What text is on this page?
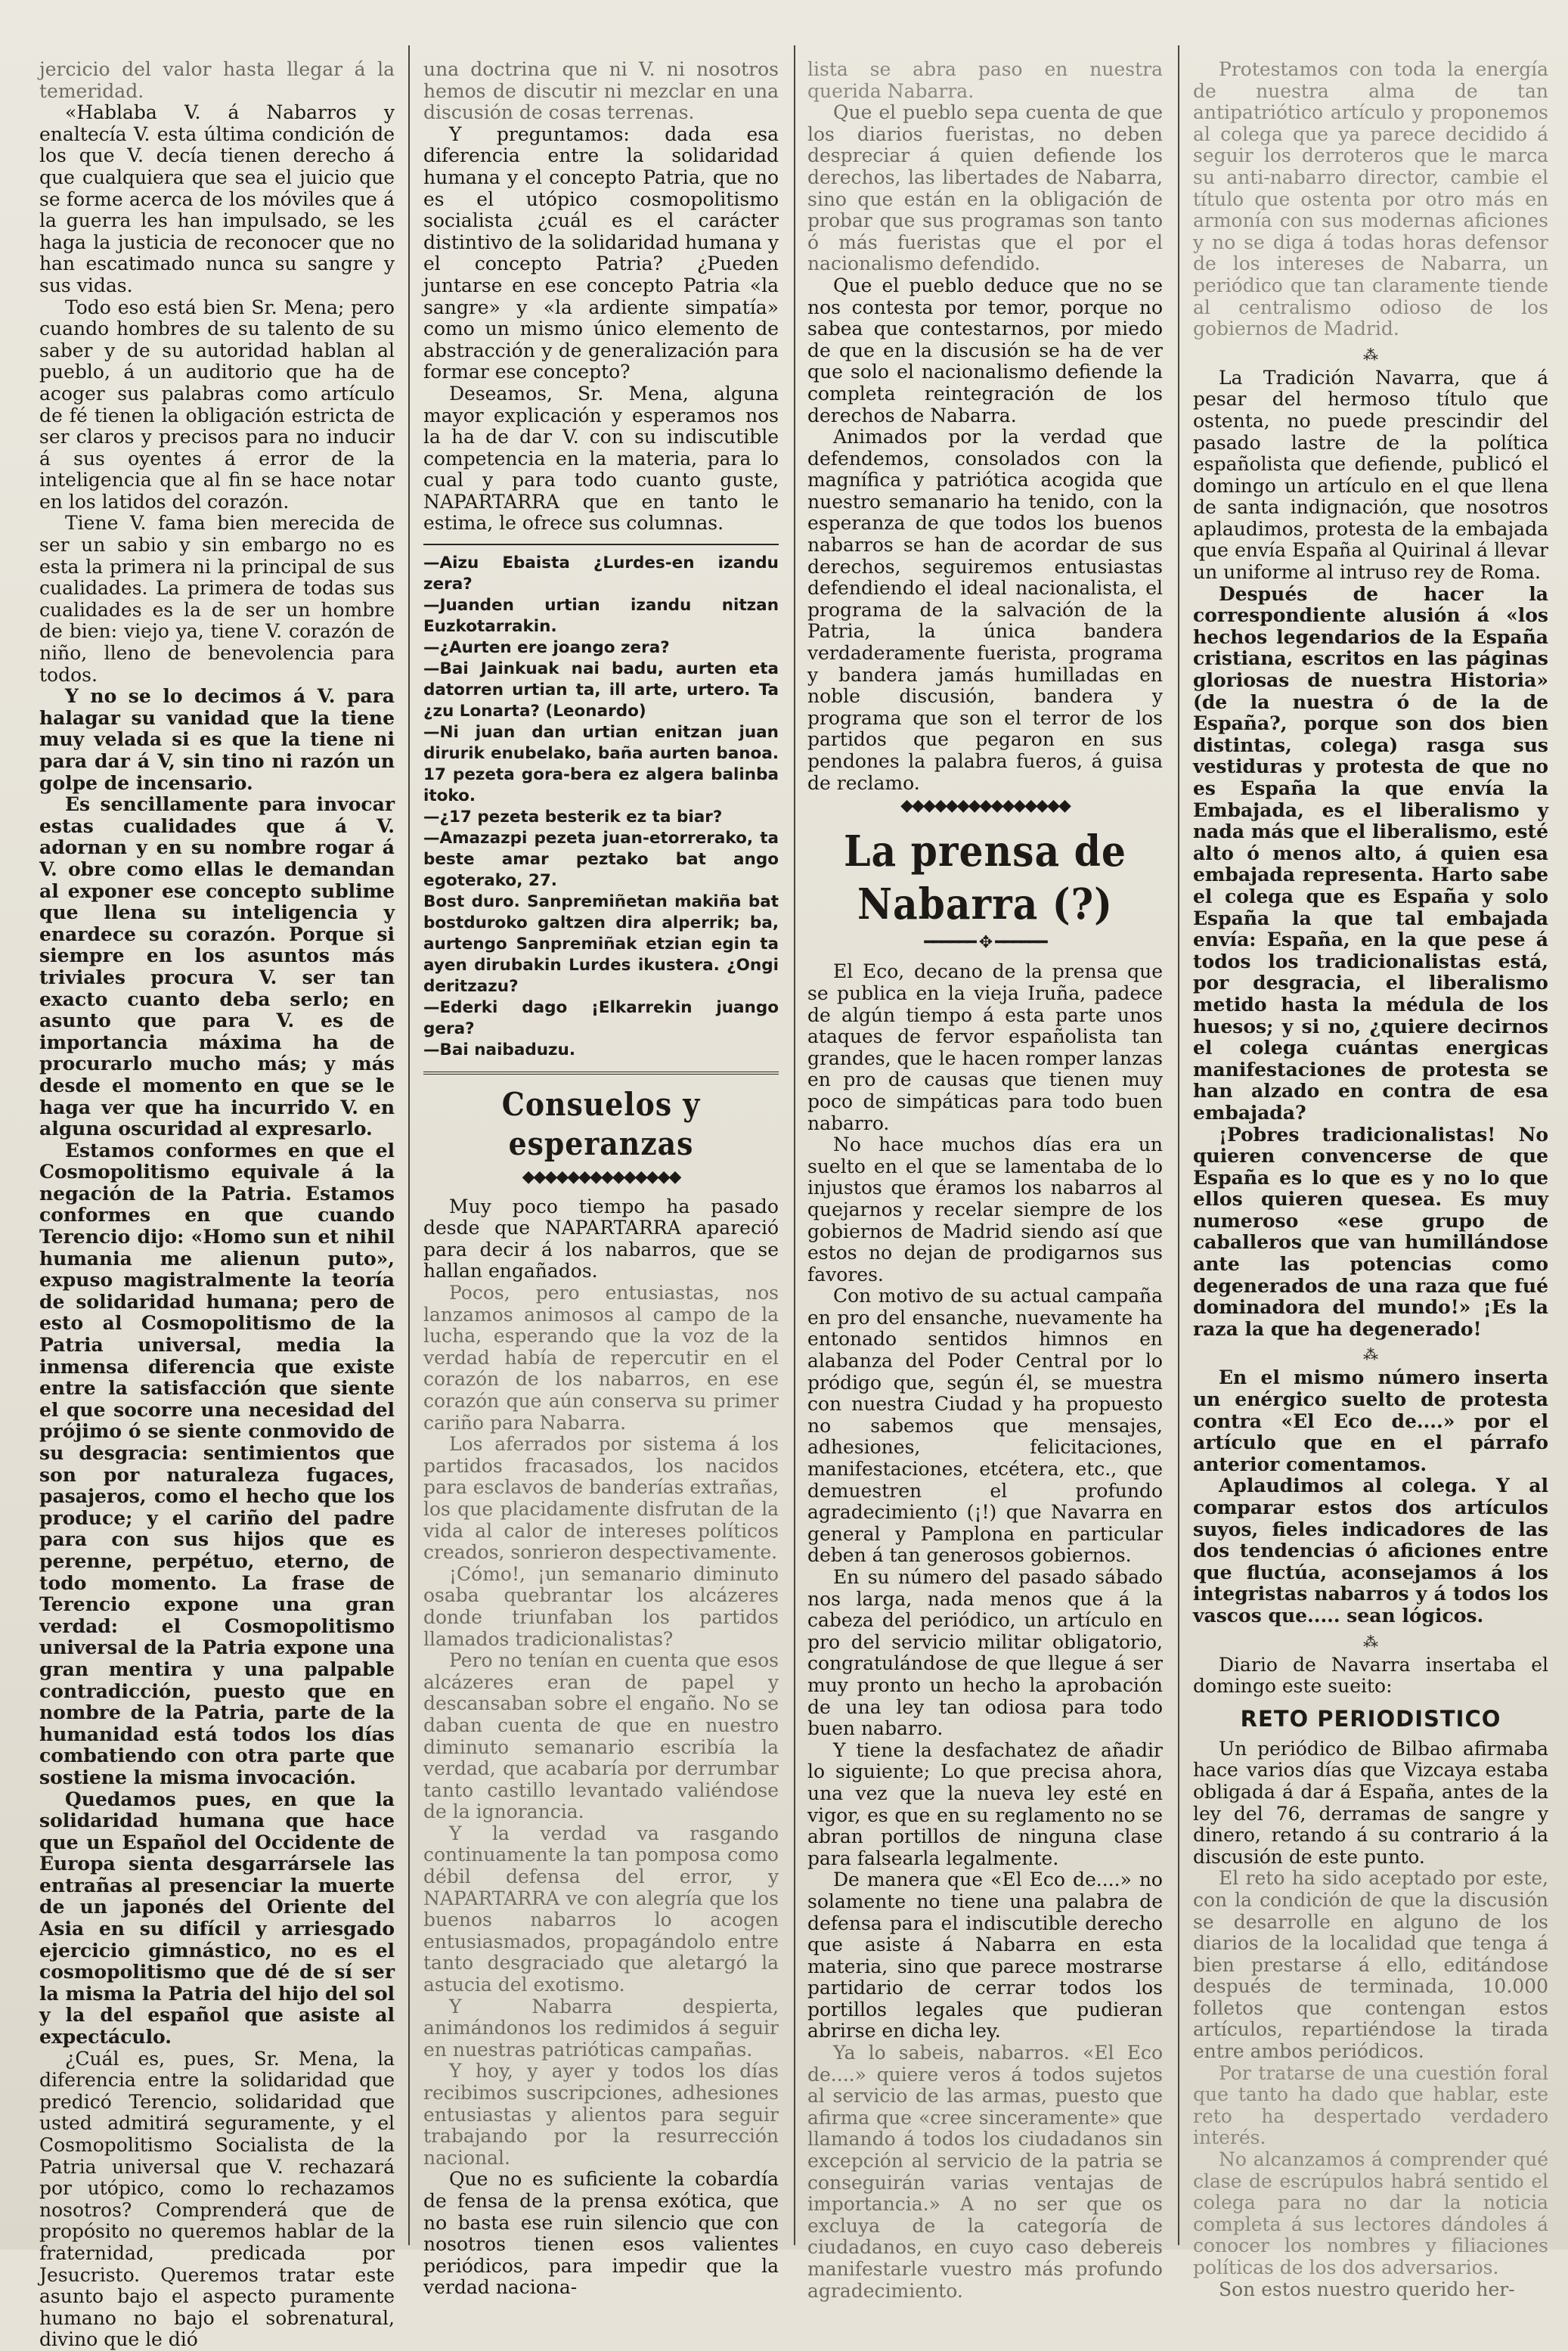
jercicio del valor hasta llegar á la temeridad.

«Hablaba V. á Nabarros y enaltecía V. esta última condición de los que V. decía tienen derecho á que cualquiera que sea el juicio que se forme acerca de los móviles que á la guerra les han impulsado, se les haga la justicia de reconocer que no han escatimado nunca su sangre y sus vidas.

Todo eso está bien Sr. Mena; pero cuando hombres de su talento de su saber y de su autoridad hablan al pueblo, á un auditorio que ha de acoger sus palabras como artículo de fé tienen la obligación estricta de ser claros y precisos para no inducir á sus oyentes á error de la inteligencia que al fin se hace notar en los latidos del corazón.

Tiene V. fama bien merecida de ser un sabio y sin embargo no es esta la primera ni la principal de sus cualidades. La primera de todas sus cualidades es la de ser un hombre de bien: viejo ya, tiene V. corazón de niño, lleno de benevolencia para todos.

Y no se lo decimos á V. para halagar su vanidad que la tiene muy velada si es que la tiene ni para dar á V, sin tino ni razón un golpe de incensario.

Es sencillamente para invocar estas cualidades que á V. adornan y en su nombre rogar á V. obre como ellas le demandan al exponer ese concepto sublime que llena su inteligencia y enardece su corazón. Porque si siempre en los asuntos más triviales procura V. ser tan exacto cuanto deba serlo; en asunto que para V. es de importancia máxima ha de procurarlo mucho más; y más desde el momento en que se le haga ver que ha incurrido V. en alguna oscuridad al expresarlo.

Estamos conformes en que el Cosmopolitismo equivale á la negación de la Patria. Estamos conformes en que cuando Terencio dijo: «Homo sun et nihil humania me alienun puto», expuso magistralmente la teoría de solidaridad humana; pero de esto al Cosmopolitismo de la Patria universal, media la inmensa diferencia que existe entre la satisfacción que siente el que socorre una necesidad del prójimo ó se siente conmovido de su desgracia: sentimientos que son por naturaleza fugaces, pasajeros, como el hecho que los produce; y el cariño del padre para con sus hijos que es perenne, perpétuo, eterno, de todo momento. La frase de Terencio expone una gran verdad: el Cosmopolitismo universal de la Patria expone una gran mentira y una palpable contradicción, puesto que en nombre de la Patria, parte de la humanidad está todos los días combatiendo con otra parte que sostiene la misma invocación.

Quedamos pues, en que la solidaridad humana que hace que un Español del Occidente de Europa sienta desgarrársele las entrañas al presenciar la muerte de un japonés del Oriente del Asia en su difícil y arriesgado ejercicio gimnástico, no es el cosmopolitismo que dé de sí ser la misma la Patria del hijo del sol y la del español que asiste al expectáculo.

¿Cuál es, pues, Sr. Mena, la diferencia entre la solidaridad que predicó Terencio, solidaridad que usted admitirá seguramente, y el Cosmopolitismo Socialista de la Patria universal que V. rechazará por utópico, como lo rechazamos nosotros? Comprenderá que de propósito no queremos hablar de la fraternidad, predicada por Jesucristo. Queremos tratar este asunto bajo el aspecto puramente humano no bajo el sobrenatural, divino que le dió

una doctrina que ni V. ni nosotros hemos de discutir ni mezclar en una discusión de cosas terrenas.

Y preguntamos: dada esa diferencia entre la solidaridad humana y el concepto Patria, que no es el utópico cosmopolitismo socialista ¿cuál es el carácter distintivo de la solidaridad humana y el concepto Patria? ¿Pueden juntarse en ese concepto Patria «la sangre» y «la ardiente simpatía» como un mismo único elemento de abstracción y de generalización para formar ese concepto?

Deseamos, Sr. Mena, alguna mayor explicación y esperamos nos la ha de dar V. con su indiscutible competencia en la materia, para lo cual y para todo cuanto guste, NAPARTARRA que en tanto le estima, le ofrece sus columnas.

—Aizu Ebaista ¿Lurdes-en izandu zera?

—Juanden urtian izandu nitzan Euzkotarrakin.

—¿Aurten ere joango zera?

—Bai Jainkuak nai badu, aurten eta datorren urtian ta, ill arte, urtero. Ta ¿zu Lonarta? (Leonardo)

—Ni juan dan urtian enitzan juan dirurik enubelako, baña aurten banoa. 17 pezeta gora-bera ez algera balinba itoko.

—¿17 pezeta besterik ez ta biar?

—Amazazpi pezeta juan-etorrerako, ta beste amar peztako bat ango egoterako, 27.

Bost duro. Sanpremiñetan makiña bat bostduroko galtzen dira alperrik; ba, aurtengo Sanpremiñak etzian egin ta ayen dirubakin Lurdes ikustera. ¿Ongi deritzazu?

—Ederki dago ¡Elkarrekin juango gera?

—Bai naibaduzu.

Consuelos y esperanzas
◆◆◆◆◆◆◆◆◆◆◆◆◆◆

Muy poco tiempo ha pasado desde que NAPARTARRA apareció para decir á los nabarros, que se hallan engañados.

Pocos, pero entusiastas, nos lanzamos animosos al campo de la lucha, esperando que la voz de la verdad había de repercutir en el corazón de los nabarros, en ese corazón que aún conserva su primer cariño para Nabarra.

Los aferrados por sistema á los partidos fracasados, los nacidos para esclavos de banderías extrañas, los que placidamente disfrutan de la vida al calor de intereses políticos creados, sonrieron despectivamente.

¡Cómo!, ¡un semanario diminuto osaba quebrantar los alcázeres donde triunfaban los partidos llamados tradicionalistas?

Pero no tenían en cuenta que esos alcázeres eran de papel y descansaban sobre el engaño. No se daban cuenta de que en nuestro diminuto semanario escribía la verdad, que acabaría por derrumbar tanto castillo levantado valiéndose de la ignorancia.

Y la verdad va rasgando continuamente la tan pomposa como débil defensa del error, y NAPARTARRA ve con alegría que los buenos nabarros lo acogen entusiasmados, propagándolo entre tanto desgraciado que aletargó la astucia del exotismo.

Y Nabarra despierta, animándonos los redimidos á seguir en nuestras patrióticas campañas.

Y hoy, y ayer y todos los días recibimos suscripciones, adhesiones entusiastas y alientos para seguir trabajando por la resurrección nacional.

Que no es suficiente la cobardía de fensa de la prensa exótica, que no basta ese ruin silencio que con nosotros tienen esos valientes periódicos, para impedir que la verdad naciona-

lista se abra paso en nuestra querida Nabarra.

Que el pueblo sepa cuenta de que los diarios fueristas, no deben despreciar á quien defiende los derechos, las libertades de Nabarra, sino que están en la obligación de probar que sus programas son tanto ó más fueristas que el por el nacionalismo defendido.

Que el pueblo deduce que no se nos contesta por temor, porque no sabea que contestarnos, por miedo de que en la discusión se ha de ver que solo el nacionalismo defiende la completa reintegración de los derechos de Nabarra.

Animados por la verdad que defendemos, consolados con la magnífica y patriótica acogida que nuestro semanario ha tenido, con la esperanza de que todos los buenos nabarros se han de acordar de sus derechos, seguiremos entusiastas defendiendo el ideal nacionalista, el programa de la salvación de la Patria, la única bandera verdaderamente fuerista, programa y bandera jamás humilladas en noble discusión, bandera y programa que son el terror de los partidos que pegaron en sus pendones la palabra fueros, á guisa de reclamo.

◆◆◆◆◆◆◆◆◆◆◆◆◆◆◆
La prensa de Nabarra (?)
━━━━━━ ✥ ━━━━━━

El Eco, decano de la prensa que se publica en la vieja Iruña, padece de algún tiempo á esta parte unos ataques de fervor españolista tan grandes, que le hacen romper lanzas en pro de causas que tienen muy poco de simpáticas para todo buen nabarro.

No hace muchos días era un suelto en el que se lamentaba de lo injustos que éramos los nabarros al quejarnos y recelar siempre de los gobiernos de Madrid siendo así que estos no dejan de prodigarnos sus favores.

Con motivo de su actual campaña en pro del ensanche, nuevamente ha entonado sentidos himnos en alabanza del Poder Central por lo pródigo que, según él, se muestra con nuestra Ciudad y ha propuesto no sabemos que mensajes, adhesiones, felicitaciones, manifestaciones, etcétera, etc., que demuestren el profundo agradecimiento (¡!) que Navarra en general y Pamplona en particular deben á tan generosos gobiernos.

En su número del pasado sábado nos larga, nada menos que á la cabeza del periódico, un artículo en pro del servicio militar obligatorio, congratulándose de que llegue á ser muy pronto un hecho la aprobación de una ley tan odiosa para todo buen nabarro.

Y tiene la desfachatez de añadir lo siguiente; Lo que precisa ahora, una vez que la nueva ley esté en vigor, es que en su reglamento no se abran portillos de ninguna clase para falsearla legalmente.

De manera que «El Eco de....» no solamente no tiene una palabra de defensa para el indiscutible derecho que asiste á Nabarra en esta materia, sino que parece mostrarse partidario de cerrar todos los portillos legales que pudieran abrirse en dicha ley.

Ya lo sabeis, nabarros. «El Eco de....» quiere veros á todos sujetos al servicio de las armas, puesto que afirma que «cree sinceramente» que llamando á todos los ciudadanos sin excepción al servicio de la patria se conseguirán varias ventajas de importancia.» A no ser que os excluya de la categoría de ciudadanos, en cuyo caso debereis manifestarle vuestro más profundo agradecimiento.

Protestamos con toda la energía de nuestra alma de tan antipatriótico artículo y proponemos al colega que ya parece decidido á seguir los derroteros que le marca su anti-nabarro director, cambie el título que ostenta por otro más en armonía con sus modernas aficiones y no se diga á todas horas defensor de los intereses de Nabarra, un periódico que tan claramente tiende al centralismo odioso de los gobiernos de Madrid.

⁂

La Tradición Navarra, que á pesar del hermoso título que ostenta, no puede prescindir del pasado lastre de la política españolista que defiende, publicó el domingo un artículo en el que llena de santa indignación, que nosotros aplaudimos, protesta de la embajada que envía España al Quirinal á llevar un uniforme al intruso rey de Roma.

Después de hacer la correspondiente alusión á «los hechos legendarios de la España cristiana, escritos en las páginas gloriosas de nuestra Historia» (de la nuestra ó de la de España?, porque son dos bien distintas, colega) rasga sus vestiduras y protesta de que no es España la que envía la Embajada, es el liberalismo y nada más que el liberalismo, esté alto ó menos alto, á quien esa embajada representa. Harto sabe el colega que es España y solo España la que tal embajada envía: España, en la que pese á todos los tradicionalistas está, por desgracia, el liberalismo metido hasta la médula de los huesos; y si no, ¿quiere decirnos el colega cuántas energicas manifestaciones de protesta se han alzado en contra de esa embajada?

¡Pobres tradicionalistas! No quieren convencerse de que España es lo que es y no lo que ellos quieren quesea. Es muy numeroso «ese grupo de caballeros que van humillándose ante las potencias como degenerados de una raza que fué dominadora del mundo!» ¡Es la raza la que ha degenerado!

⁂

En el mismo número inserta un enérgico suelto de protesta contra «El Eco de....» por el artículo que en el párrafo anterior comentamos.

Aplaudimos al colega. Y al comparar estos dos artículos suyos, fieles indicadores de las dos tendencias ó aficiones entre que fluctúa, aconsejamos á los integristas nabarros y á todos los vascos que..... sean lógicos.

⁂

Diario de Navarra insertaba el domingo este sueito:

RETO PERIODISTICO

Un periódico de Bilbao afirmaba hace varios días que Vizcaya estaba obligada á dar á España, antes de la ley del 76, derramas de sangre y dinero, retando á su contrario á la discusión de este punto.

El reto ha sido aceptado por este, con la condición de que la discusión se desarrolle en alguno de los diarios de la localidad que tenga á bien prestarse á ello, editándose después de terminada, 10.000 folletos que contengan estos artículos, repartiéndose la tirada entre ambos periódicos.

Por tratarse de una cuestión foral que tanto ha dado que hablar, este reto ha despertado verdadero interés.

No alcanzamos á comprender qué clase de escrúpulos habrá sentido el colega para no dar la noticia completa á sus lectores dándoles á conocer los nombres y filiaciones políticas de los dos adversarios.

Son estos nuestro querido her-
